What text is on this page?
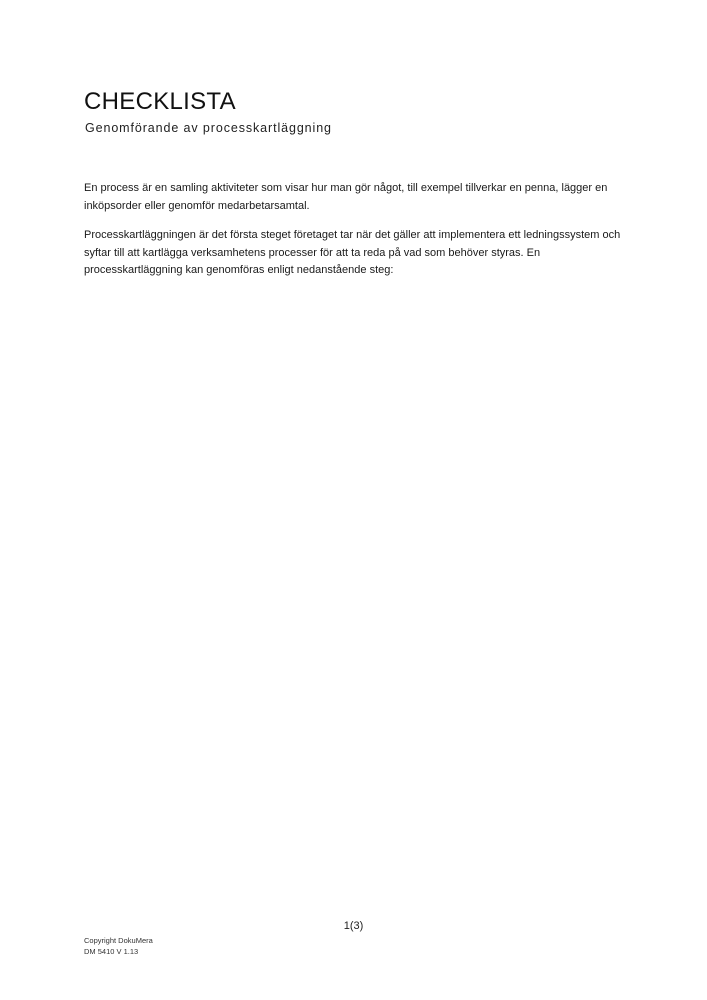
CHECKLISTA
Genomförande av processkartläggning

En process är en samling aktiviteter som visar hur man gör något, till exempel tillverkar en penna, lägger en inköpsorder eller genomför medarbetarsamtal.

Processkartläggningen är det första steget företaget tar när det gäller att implementera ett ledningssystem och syftar till att kartlägga verksamhetens processer för att ta reda på vad som behöver styras. En processkartläggning kan genomföras enligt nedanstående steg:

1(3)

Copyright DokuMera
DM 5410 V 1.13
